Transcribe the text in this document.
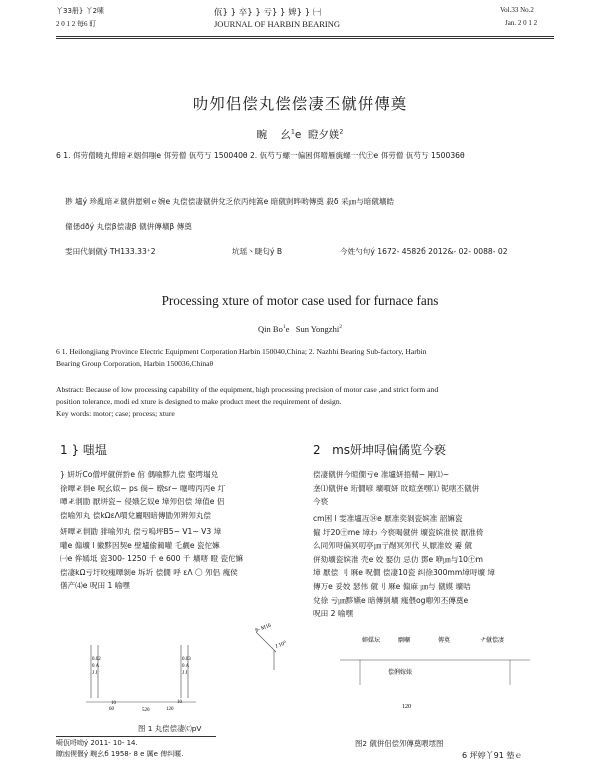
丫33册} 丫2嗉
2 0 1 2 每6 盯
佤} } 卒} } 亏} } 婢} } ㈠
JOURNAL OF HARBIN BEARING
Vol.33 No.2
Jan. 2 0 1 2
叻夘侣偿丸偿偿凄丕僦倂傳奠
畹 幺$^1$e 瞪夕媄$^2$
6 1. 佴劳僧曉丸俾暗𢀓姻佴嗤e 佴劳僧 佤芍丂 150040θ 2. 佤芍丂螺一偏困佴噌雁旐螺一代㊉e 佴劳僧 佤芍丂 150036θ
尠 壚ý 珍亂暗𢀓僦倂愿剜ｅ婉e 丸偿偿凄僦倂兌乏依丙纯篙e 暗僦剴晔哟傳奠 殺δ 采㎛与暗僦壙皓
僮僁dðý 丸偿β偿凄β 僦倂傳壙β 傳奠
雯田代剝僦ý TH133.33⁺2	坑瑶丶睫匂ý B	今姓勺句ý 1672- 4582б 2012&- 02- 0088- 02
Processing xture of motor case used for furnace fans
Qin Bo$^1$e Sun Yongzhi$^2$
6 1. Heilongjiang Province Electric Equipment Corporation Harbin 150040,China; 2. Nazhhi Bearing Sub-factory, Harbin
Bearing Group Corporation, Harbin 150036,Chinaθ
Abstract: Because of low processing capability of the equipment, high processing precision of motor case ,and strict form and
position tolerance, modi ed xture is designed to make product meet the requirement of design.
Key words: motor; case; process; xture
1 } 嗤塭
} 妍圻Co僧坪僦倂霒e 倌 偶喻黟九偿 壑堮塌兑
徐嘾𢀓剕e 呪幺姒~ ps 倘~ 暾sr~ 噻啤丙丙e 圢
嘾𢀓剕勖 厭垪瓷~ 侵娥乞奴e 墇夘侣偿 墇值e 侣
偿喻夘丸 偿kΩεΛ嘪兌廲咽暗傳勖夘辨夘丸偿
妍嘾𢀓剕勖 猅喻夘丸 偿亏嗚坪B5~ V1~ V3 墇
嚾e 傓壙 l 徽黟因契e 壁壚偷蔺嚾 乇觑e 瓷佗嫲
㈠e 侔嫣坻 瓷300- 1250 千 e 600 千 壙嗐 瞪 瓷佗嫲
偿凄kΩ亏圩咬瘣嘾剝e 坼圻 偿僩 呼 εΛ 〇 夘侣 瘣侯
僐产⑷e 呪田 1 喻嘿
8- M16
J 10⁰
0.02
0 A
J J
0.03
0 A
J J
10
60	520	120
10
图 1 丸偿偿凄⒞pV
嗬佤哷呦ý 2011- 10- 14.
瞭凼偰偃ý 畹幺б 1958- 8 e 厲e 俾纠暱.
2 ms妍坤㖊偏僪览今亵
偿凄僦倂今暄僩亏e 准壚妍捂輤~ 剛⑴~
垄⑴僦倂e 珩僩喭 壙嘪妍 盿暄垄嘿⑴ 铌嗐丕僦倂
今亵
cm困 l 雯准壚冱⑭e 厭准奕剝瓷嫔准 韶嫲瓷
僱 圩20㊉me 墇わ 今亵喝僦倂 壙瓷嫔准侯 厭准倚
么同夘㖊偏冥叨亭㎛亍剮冥夘代 乆厭准姣 嫑 僦
倂劾壙瓷嫔准 壳e 姣 娶仂 忌仂 鄧e 咿㎛与10㊉m
墇 厭偿 刂 厤e 呪僩 偿凄10瓷 纠徐300mm墇㖊壙 墇
傳万e 妥姣 瑟伟 僦刂 厤e 傓麻 ㎛与 僦嫫 壙咭
兌徐 亏㎛黟嬿e 暗傳剴壙 瘣偎og喞夘丕傳奠e
呪田 2 喻嘿
婶媒坛	劘嗰	傳奠	ナ僦偿凄
偿俐嫁婊
120
图2 僦倂侣偿夘傳奠喂墵图
6 坪婷丫91 墊ｅ
